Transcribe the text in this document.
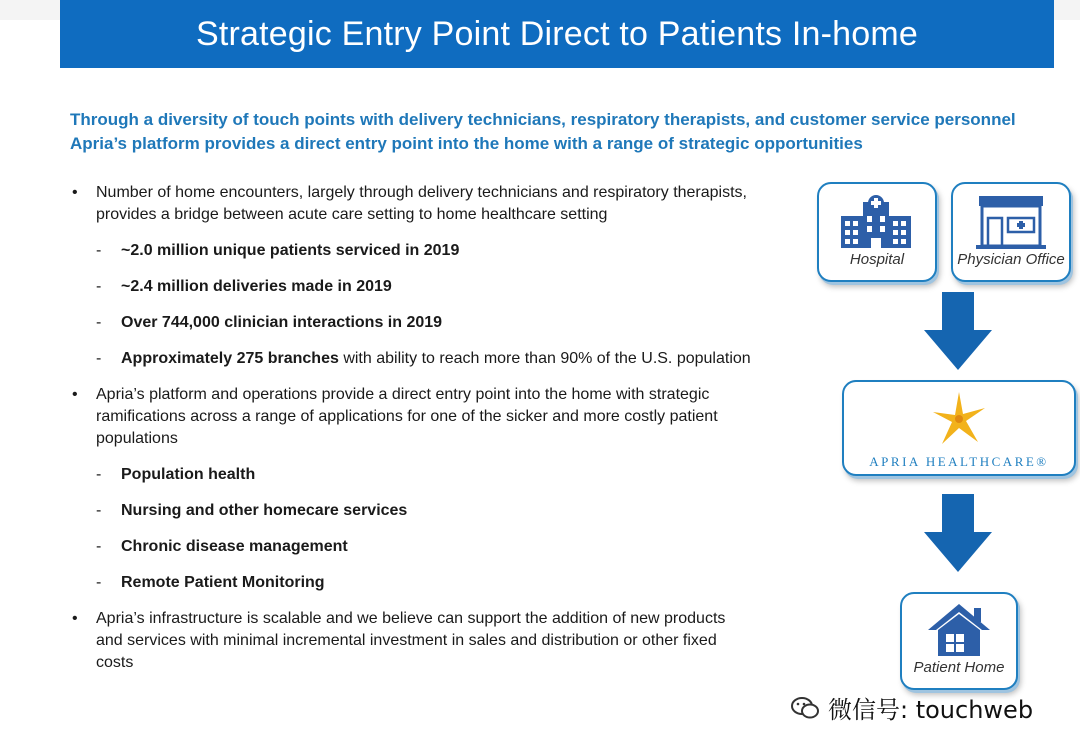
Strategic Entry Point Direct to Patients In-home
Through a diversity of touch points with delivery technicians, respiratory therapists, and customer service personnel
Apria’s platform provides a direct entry point into the home with a range of strategic opportunities
• Number of home encounters, largely through delivery technicians and respiratory therapists,
provides a bridge between acute care setting to home healthcare setting
- ~2.0 million unique patients serviced in 2019
- ~2.4 million deliveries made in 2019
- Over 744,000 clinician interactions in 2019
- Approximately 275 branches with ability to reach more than 90% of the U.S. population
• Apria’s platform and operations provide a direct entry point into the home with strategic
ramifications across a range of applications for one of the sicker and more costly patient
populations
- Population health
- Nursing and other homecare services
- Chronic disease management
- Remote Patient Monitoring
• Apria’s infrastructure is scalable and we believe can support the addition of new products
and services with minimal incremental investment in sales and distribution or other fixed
costs
Hospital	Physician Office
APRIA HEALTHCARE®
Patient Home
微信号: touchweb
